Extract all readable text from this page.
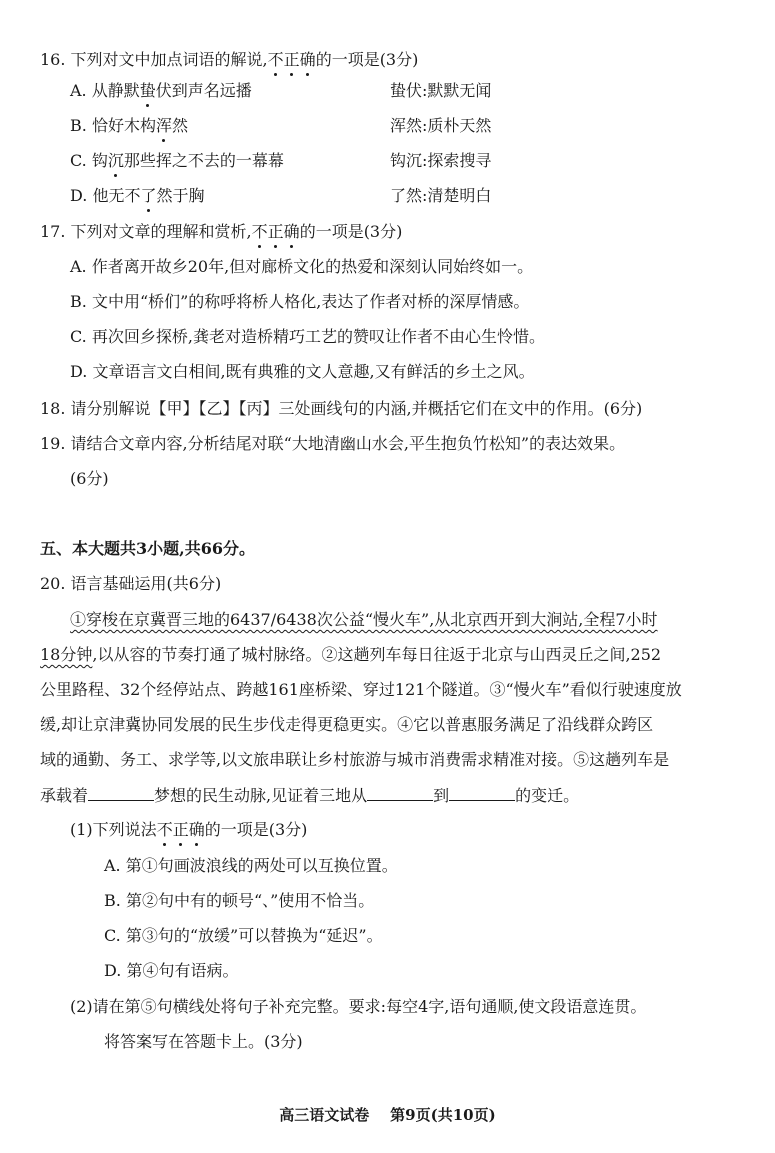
16. 下列对文中加点词语的解说,不正确的一项是(3分)
A. 从静默蛰伏到声名远播	蛰伏:默默无闻
B. 恰好木构浑然	浑然:质朴天然
C. 钩沉那些挥之不去的一幕幕	钩沉:探索搜寻
D. 他无不了然于胸	了然:清楚明白
17. 下列对文章的理解和赏析,不正确的一项是(3分)
A. 作者离开故乡20年,但对廊桥文化的热爱和深刻认同始终如一。
B. 文中用“桥们”的称呼将桥人格化,表达了作者对桥的深厚情感。
C. 再次回乡探桥,龚老对造桥精巧工艺的赞叹让作者不由心生怜惜。
D. 文章语言文白相间,既有典雅的文人意趣,又有鲜活的乡土之风。
18. 请分别解说【甲】【乙】【丙】三处画线句的内涵,并概括它们在文中的作用。(6分)
19. 请结合文章内容,分析结尾对联“大地清幽山水会,平生抱负竹松知”的表达效果。
(6分)
五、本大题共3小题,共66分。
20. 语言基础运用(共6分)
①穿梭在京冀晋三地的6437/6438次公益“慢火车”,从北京西开到大涧站,全程7小时
18分钟,以从容的节奏打通了城村脉络。②这趟列车每日往返于北京与山西灵丘之间,252
公里路程、32个经停站点、跨越161座桥梁、穿过121个隧道。③“慢火车”看似行驶速度放
缓,却让京津冀协同发展的民生步伐走得更稳更实。④它以普惠服务满足了沿线群众跨区
域的通勤、务工、求学等,以文旅串联让乡村旅游与城市消费需求精准对接。⑤这趟列车是
承载着	梦想的民生动脉,见证着三地从	到	的变迁。
(1)下列说法不正确的一项是(3分)
A. 第①句画波浪线的两处可以互换位置。
B. 第②句中有的顿号“、”使用不恰当。
C. 第③句的“放缓”可以替换为“延迟”。
D. 第④句有语病。
(2)请在第⑤句横线处将句子补充完整。要求:每空4字,语句通顺,使文段语意连贯。
将答案写在答题卡上。(3分)
高三语文试卷    第9页(共10页)
